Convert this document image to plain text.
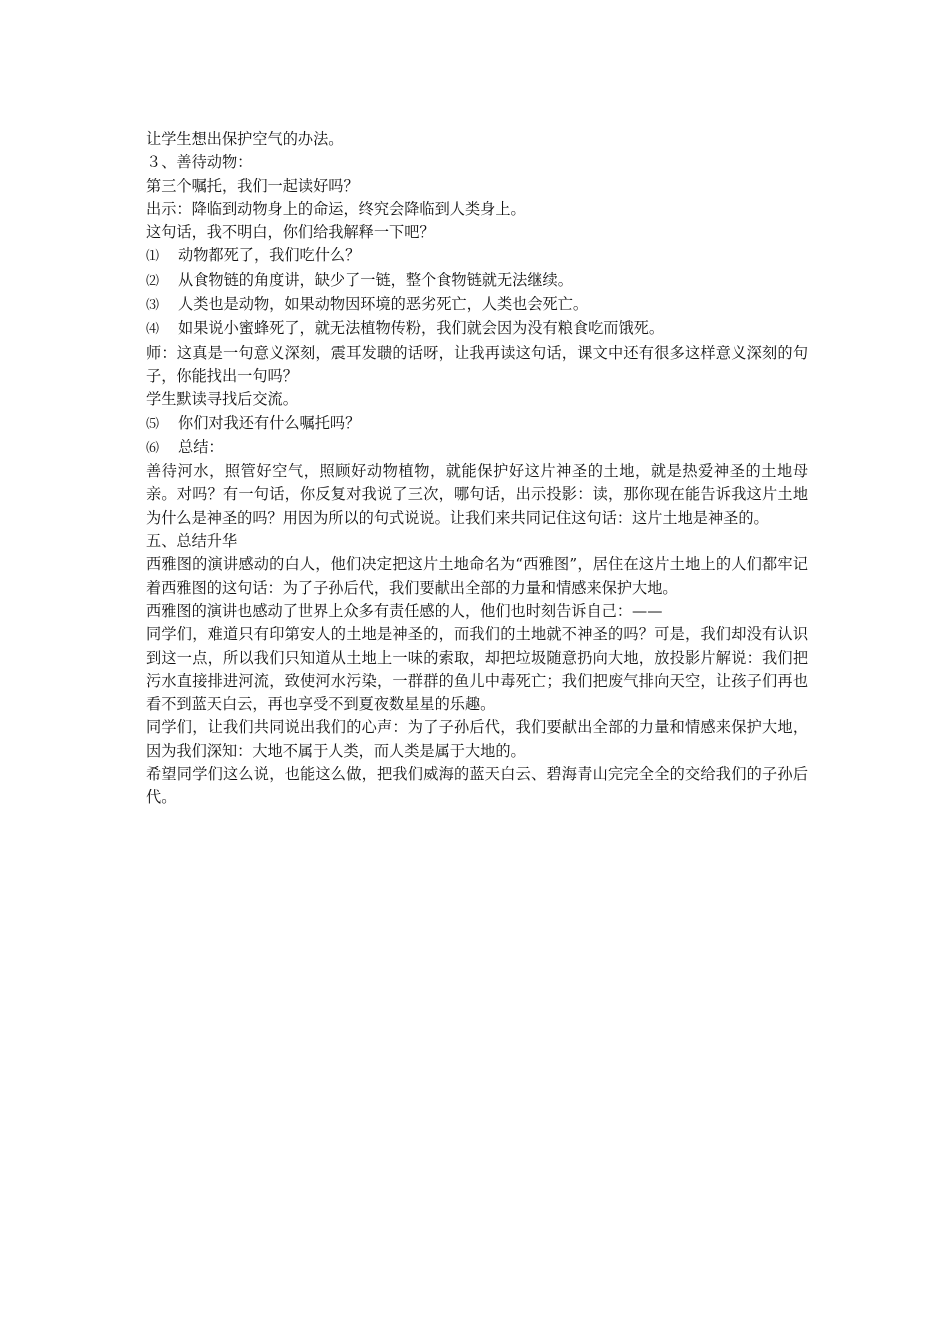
让学生想出保护空气的办法。

３、善待动物：

第三个嘱托，我们一起读好吗？

出示：降临到动物身上的命运，终究会降临到人类身上。

这句话，我不明白，你们给我解释一下吧？

⑴	动物都死了，我们吃什么？
⑵	从食物链的角度讲，缺少了一链，整个食物链就无法继续。
⑶	人类也是动物，如果动物因环境的恶劣死亡，人类也会死亡。
⑷	如果说小蜜蜂死了，就无法植物传粉，我们就会因为没有粮食吃而饿死。

师：这真是一句意义深刻，震耳发聩的话呀，让我再读这句话，课文中还有很多这样意义深刻的句子，你能找出一句吗？

学生默读寻找后交流。

⑸	你们对我还有什么嘱托吗？
⑹	总结：

善待河水，照管好空气，照顾好动物植物，就能保护好这片神圣的土地，就是热爱神圣的土地母亲。对吗？有一句话，你反复对我说了三次，哪句话，出示投影：读，那你现在能告诉我这片土地为什么是神圣的吗？用因为所以的句式说说。让我们来共同记住这句话：这片土地是神圣的。

五、总结升华

西雅图的演讲感动的白人，他们决定把这片土地命名为“西雅图”，居住在这片土地上的人们都牢记着西雅图的这句话：为了子孙后代，我们要献出全部的力量和情感来保护大地。

西雅图的演讲也感动了世界上众多有责任感的人，他们也时刻告诉自己：——

同学们，难道只有印第安人的土地是神圣的，而我们的土地就不神圣的吗？可是，我们却没有认识到这一点，所以我们只知道从土地上一味的索取，却把垃圾随意扔向大地，放投影片解说：我们把污水直接排进河流，致使河水污染，一群群的鱼儿中毒死亡；我们把废气排向天空，让孩子们再也看不到蓝天白云，再也享受不到夏夜数星星的乐趣。

同学们，让我们共同说出我们的心声：为了子孙后代，我们要献出全部的力量和情感来保护大地，因为我们深知：大地不属于人类，而人类是属于大地的。

希望同学们这么说，也能这么做，把我们威海的蓝天白云、碧海青山完完全全的交给我们的子孙后代。
